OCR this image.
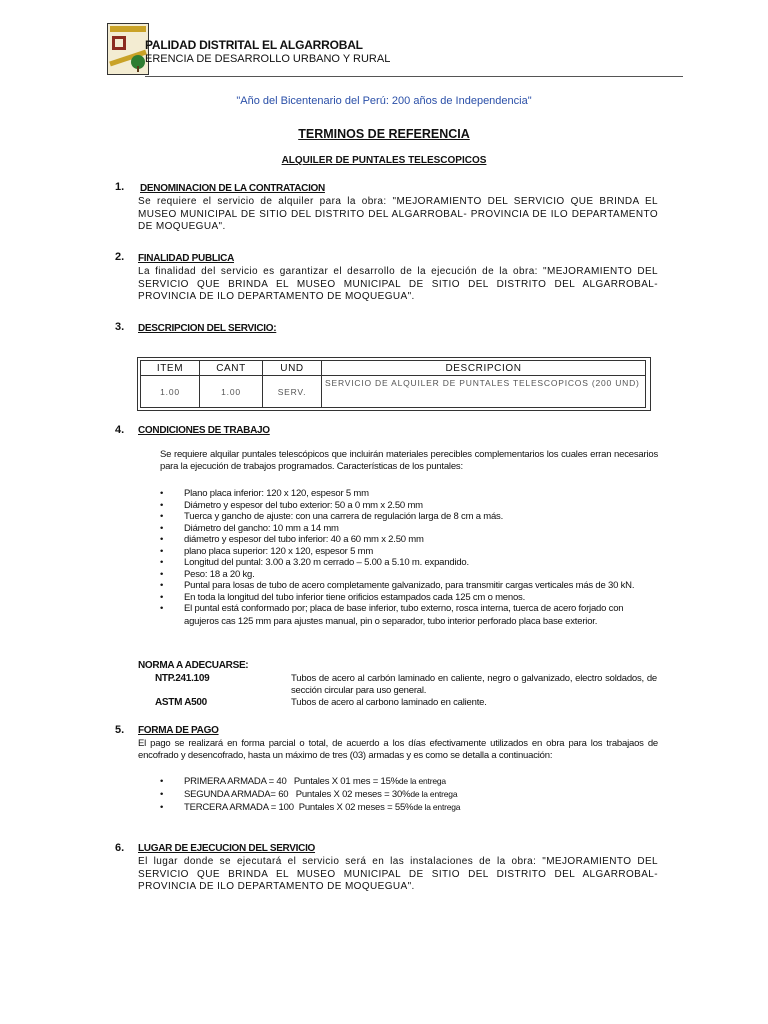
PALIDAD DISTRITAL EL ALGARROBAL
ERENCIA DE DESARROLLO URBANO Y RURAL
"Año del Bicentenario del Perú: 200 años de Independencia"
TERMINOS DE REFERENCIA
ALQUILER DE PUNTALES TELESCOPICOS
1. DENOMINACION DE LA CONTRATACION
Se requiere el servicio de alquiler para la obra: "MEJORAMIENTO DEL SERVICIO QUE BRINDA EL MUSEO MUNICIPAL DE SITIO DEL DISTRITO DEL ALGARROBAL- PROVINCIA DE ILO DEPARTAMENTO DE MOQUEGUA".
2. FINALIDAD PUBLICA
La finalidad del servicio es garantizar el desarrollo de la ejecución de la obra: "MEJORAMIENTO DEL SERVICIO QUE BRINDA EL MUSEO MUNICIPAL DE SITIO DEL DISTRITO DEL ALGARROBAL- PROVINCIA DE ILO DEPARTAMENTO DE MOQUEGUA".
3. DESCRIPCION DEL SERVICIO:
ITEM	CANT	UND	DESCRIPCION
1.00	1.00	SERV.	SERVICIO DE ALQUILER DE PUNTALES TELESCOPICOS (200 UND)
4. CONDICIONES DE TRABAJO
Se requiere alquilar puntales telescópicos que incluirán materiales perecibles complementarios los cuales erran necesarios para la ejecución de trabajos programados. Características de los puntales:
• Plano placa inferior: 120 x 120, espesor 5 mm
• Diámetro y espesor del tubo exterior: 50 a 0 mm x 2.50 mm
• Tuerca y gancho de ajuste: con una carrera de regulación larga de 8 cm a más.
• Diámetro del gancho: 10 mm a 14 mm
• diámetro y espesor del tubo inferior: 40 a 60 mm x 2.50 mm
• plano placa superior: 120 x 120, espesor 5 mm
• Longitud del puntal: 3.00 a 3.20 m cerrado – 5.00 a 5.10 m. expandido.
• Peso: 18 a 20 kg.
• Puntal para losas de tubo de acero completamente galvanizado, para transmitir cargas verticales más de 30 kN.
• En toda la longitud del tubo inferior tiene orificios estampados cada 125 cm o menos.
• El puntal está conformado por; placa de base inferior, tubo externo, rosca interna, tuerca de acero forjado con agujeros cas 125 mm para ajustes manual, pin o separador, tubo interior perforado placa base exterior.
NORMA A ADECUARSE:
NTP.241.109	Tubos de acero al carbón laminado en caliente, negro o galvanizado, electro soldados, de sección circular para uso general.
ASTM A500	Tubos de acero al carbono laminado en caliente.
5. FORMA DE PAGO
El pago se realizará en forma parcial o total, de acuerdo a los días efectivamente utilizados en obra para los trabajaos de encofrado y desencofrado, hasta un máximo de tres (03) armadas y es como se detalla a continuación:
• PRIMERA ARMADA = 40 Puntales X 01 mes = 15%de la entrega
• SEGUNDA ARMADA= 60 Puntales X 02 meses = 30%de la entrega
• TERCERA ARMADA = 100 Puntales X 02 meses = 55%de la entrega
6. LUGAR DE EJECUCION DEL SERVICIO
El lugar donde se ejecutará el servicio será en las instalaciones de la obra: "MEJORAMIENTO DEL SERVICIO QUE BRINDA EL MUSEO MUNICIPAL DE SITIO DEL DISTRITO DEL ALGARROBAL- PROVINCIA DE ILO DEPARTAMENTO DE MOQUEGUA".
